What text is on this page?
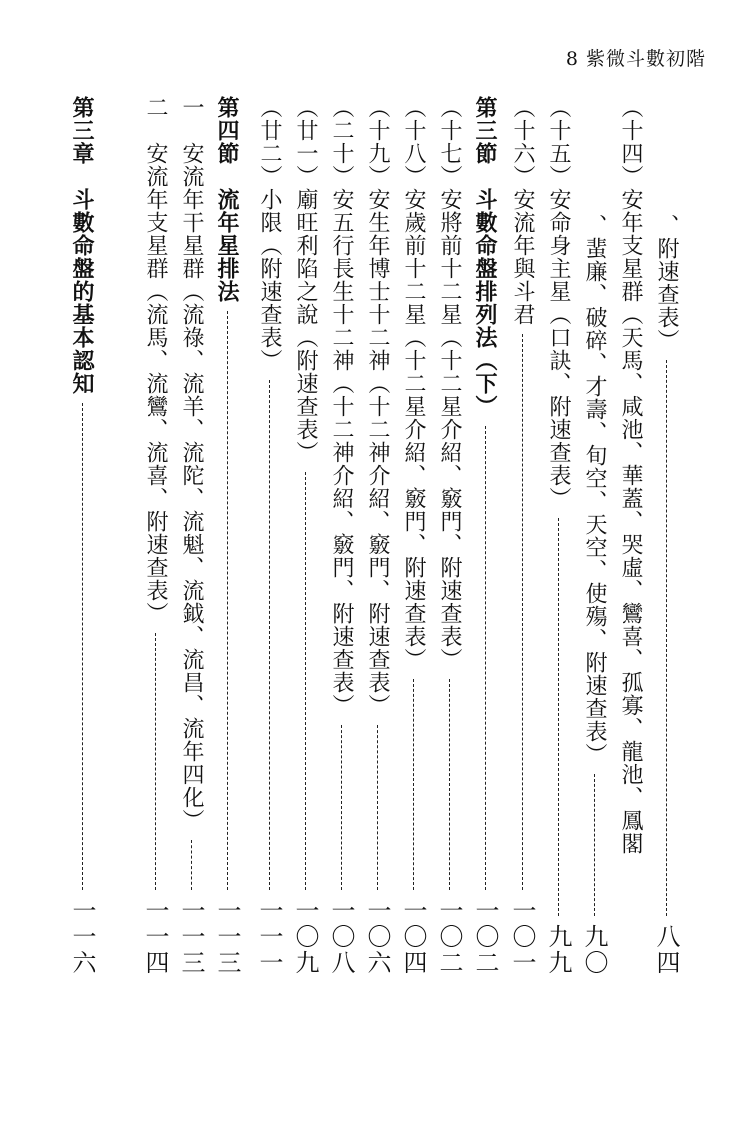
8 紫微斗數初階
、附速查表）
八四
（十四）安年支星群（天馬、咸池、華蓋、哭虛、鸞喜、孤寡、龍池、鳳閣
、蜚廉、破碎、才壽、旬空、天空、使殤、附速查表）
九〇
（十五）安命身主星（口訣、附速查表）
九九
（十六）安流年與斗君
一〇一
第三節　斗數命盤排列法（下）
一〇二
（十七）安將前十二星（十二星介紹、竅門、附速查表）
一〇二
（十八）安歲前十二星（十二星介紹、竅門、附速查表）
一〇四
（十九）安生年博士十二神（十二神介紹、竅門、附速查表）
一〇六
（二十）安五行長生十二神（十二神介紹、竅門、附速查表）
一〇八
（廿一）廟旺利陷之說（附速查表）
一〇九
（廿二）小限（附速查表）
一一一
第四節　流年星排法
一一三
一　安流年干星群（流祿、流羊、流陀、流魁、流鉞、流昌、流年四化）
一一三
二　安流年支星群（流馬、流鸞、流喜、附速查表）
一一四
第三章　斗數命盤的基本認知
一一六
